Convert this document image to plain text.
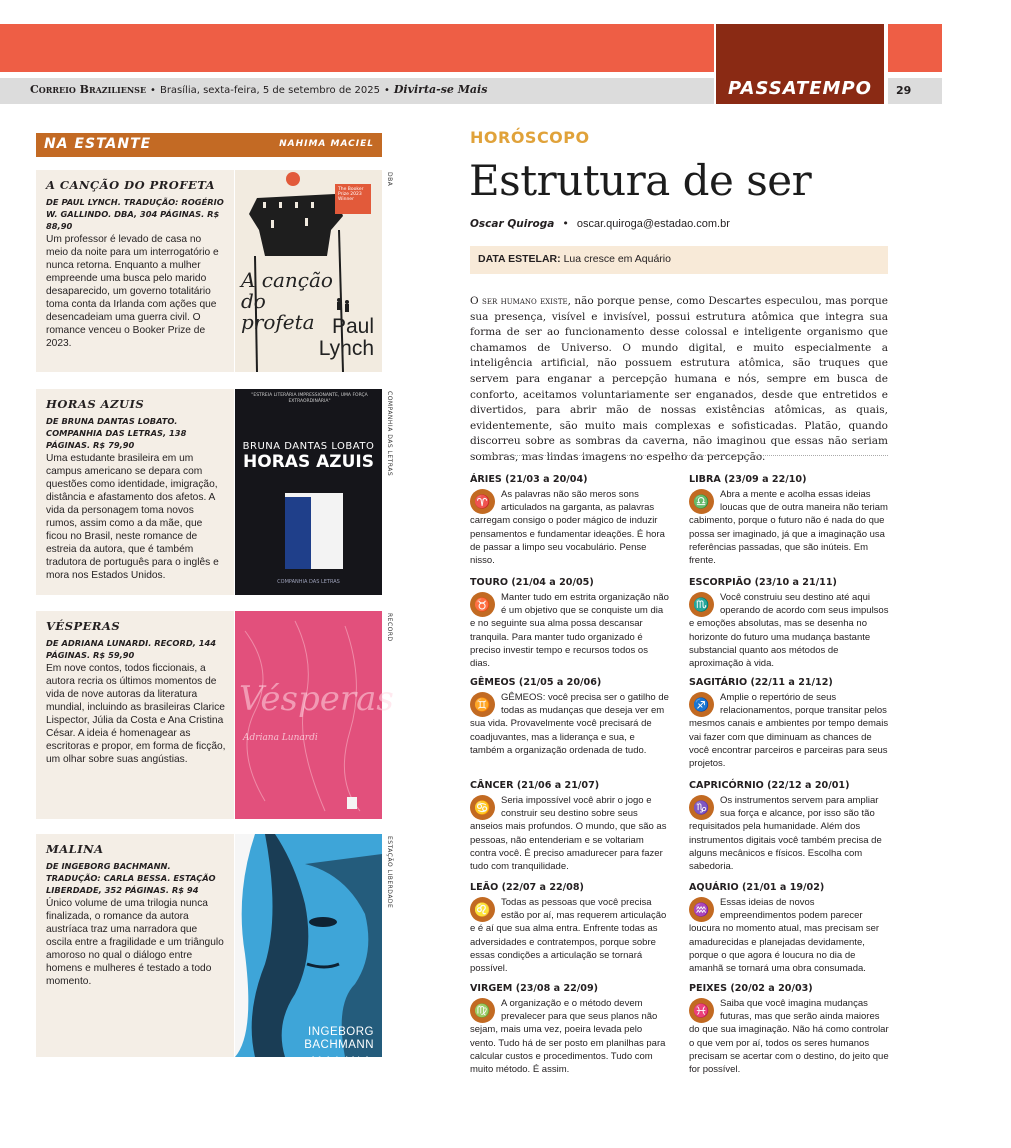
PASSATEMPO	29
Correio Braziliense • Brasília, sexta-feira, 5 de setembro de 2025 • Divirta-se Mais
NA ESTANTE	NAHIMA MACIEL
A CANÇÃO DO PROFETA
DE PAUL LYNCH. TRADUÇÃO: ROGÉRIO W. GALLINDO. DBA, 304 PÁGINAS. R$ 88,90
Um professor é levado de casa no meio da noite para um interrogatório e nunca retorna. Enquanto a mulher empreende uma busca pelo marido desaparecido, um governo totalitário toma conta da Irlanda com ações que desencadeiam uma guerra civil. O romance venceu o Booker Prize de 2023.
The Booker Prize 2023 Winner
A canção do profeta Paul Lynch
DBA
HORAS AZUIS
DE BRUNA DANTAS LOBATO. COMPANHIA DAS LETRAS, 138 PÁGINAS. R$ 79,90
Uma estudante brasileira em um campus americano se depara com questões como identidade, imigração, distância e afastamento dos afetos. A vida da personagem toma novos rumos, assim como a da mãe, que ficou no Brasil, neste romance de estreia da autora, que é também tradutora de português para o inglês e mora nos Estados Unidos.
"ESTREIA LITERÁRIA IMPRESSIONANTE, UMA FORÇA EXTRAORDINÁRIA"
BRUNA DANTAS LOBATO
HORAS AZUIS
COMPANHIA DAS LETRAS
COMPANHIA DAS LETRAS
VÉSPERAS
DE ADRIANA LUNARDI. RECORD, 144 PÁGINAS. R$ 59,90
Em nove contos, todos ficcionais, a autora recria os últimos momentos de vida de nove autoras da literatura mundial, incluindo as brasileiras Clarice Lispector, Júlia da Costa e Ana Cristina César. A ideia é homenagear as escritoras e propor, em forma de ficção, um olhar sobre suas angústias.
Vésperas
Adriana Lunardi
RECORD
MALINA
DE INGEBORG BACHMANN. TRADUÇÃO: CARLA BESSA. ESTAÇÃO LIBERDADE, 352 PÁGINAS. R$ 94
Único volume de uma trilogia nunca finalizada, o romance da autora austríaca traz uma narradora que oscila entre a fragilidade e um triângulo amoroso no qual o diálogo entre homens e mulheres é testado a todo momento.
INGEBORG BACHMANN
MALINA
ESTAÇÃO LIBERDADE
HORÓSCOPO
Estrutura de ser
Oscar Quiroga • oscar.quiroga@estadao.com.br
DATA ESTELAR: Lua cresce em Aquário
O ser humano existe, não porque pense, como Descartes especulou, mas porque sua presença, visível e invisível, possui estrutura atômica que integra sua forma de ser ao funcionamento desse colossal e inteligente organismo que chamamos de Universo. O mundo digital, e muito especialmente a inteligência artificial, não possuem estrutura atômica, são truques que servem para enganar a percepção humana e nós, sempre em busca de conforto, aceitamos voluntariamente ser enganados, desde que entretidos e divertidos, para abrir mão de nossas existências atômicas, as quais, evidentemente, são muito mais complexas e sofisticadas. Platão, quando discorreu sobre as sombras da caverna, não imaginou que essas não seriam sombras, mas lindas imagens no espelho da percepção.
ÁRIES (21/03 a 20/04)
♈	As palavras não são meros sons articulados na garganta, as palavras carregam consigo o poder mágico de induzir pensamentos e fundamentar ideações. É hora de passar a limpo seu vocabulário. Pense nisso.
TOURO (21/04 a 20/05)
♉	Manter tudo em estrita organização não é um objetivo que se conquiste um dia e no seguinte sua alma possa descansar tranquila. Para manter tudo organizado é preciso investir tempo e recursos todos os dias.
GÊMEOS (21/05 a 20/06)
♊	GÊMEOS: você precisa ser o gatilho de todas as mudanças que deseja ver em sua vida. Provavelmente você precisará de coadjuvantes, mas a liderança e sua, e também a organização ordenada de tudo.
CÂNCER (21/06 a 21/07)
♋	Seria impossível você abrir o jogo e construir seu destino sobre seus anseios mais profundos. O mundo, que são as pessoas, não entenderiam e se voltariam contra você. É preciso amadurecer para fazer tudo com tranquilidade.
LEÃO (22/07 a 22/08)
♌	Todas as pessoas que você precisa estão por aí, mas requerem articulação e é aí que sua alma entra. Enfrente todas as adversidades e contratempos, porque sobre essas condições a articulação se tornará possível.
VIRGEM (23/08 a 22/09)
♍	A organização e o método devem prevalecer para que seus planos não sejam, mais uma vez, poeira levada pelo vento. Tudo há de ser posto em planilhas para calcular custos e procedimentos. Tudo com muito método. É assim.
LIBRA (23/09 a 22/10)
♎	Abra a mente e acolha essas ideias loucas que de outra maneira não teriam cabimento, porque o futuro não é nada do que possa ser imaginado, já que a imaginação usa referências passadas, que são inúteis. Em frente.
ESCORPIÃO (23/10 a 21/11)
♏	Você construiu seu destino até aqui operando de acordo com seus impulsos e emoções absolutas, mas se desenha no horizonte do futuro uma mudança bastante substancial quanto aos métodos de aproximação à vida.
SAGITÁRIO (22/11 a 21/12)
♐	Amplie o repertório de seus relacionamentos, porque transitar pelos mesmos canais e ambientes por tempo demais vai fazer com que diminuam as chances de você encontrar parceiros e parceiras para seus projetos.
CAPRICÓRNIO (22/12 a 20/01)
♑	Os instrumentos servem para ampliar sua força e alcance, por isso são tão requisitados pela humanidade. Além dos instrumentos digitais você também precisa de alguns mecânicos e físicos. Escolha com sabedoria.
AQUÁRIO (21/01 a 19/02)
♒	Essas ideias de novos empreendimentos podem parecer loucura no momento atual, mas precisam ser amadurecidas e planejadas devidamente, porque o que agora é loucura no dia de amanhã se tornará uma obra consumada.
PEIXES (20/02 a 20/03)
♓	Saiba que você imagina mudanças futuras, mas que serão ainda maiores do que sua imaginação. Não há como controlar o que vem por aí, todos os seres humanos precisam se acertar com o destino, do jeito que for possível.
